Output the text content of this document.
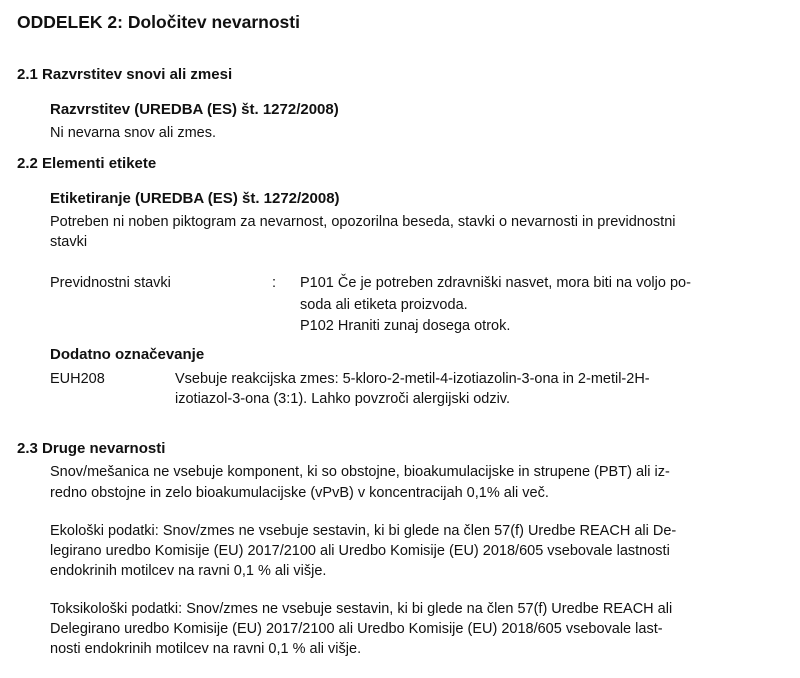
ODDELEK 2: Določitev nevarnosti
2.1 Razvrstitev snovi ali zmesi
Razvrstitev (UREDBA (ES) št. 1272/2008)

Ni nevarna snov ali zmes.

2.2 Elementi etikete
Etiketiranje (UREDBA (ES) št. 1272/2008)

Potreben ni noben piktogram za nevarnost, opozorilna beseda, stavki o nevarnosti in previdnostni

stavki

Previdnostni stavki	: P101 Če je potreben zdravniški nasvet, mora biti na voljo po-

soda ali etiketa proizvoda.

P102 Hraniti zunaj dosega otrok.

Dodatno označevanje

EUH208	Vsebuje reakcijska zmes: 5-kloro-2-metil-4-izotiazolin-3-ona in 2-metil-2H-

izotiazol-3-ona (3:1). Lahko povzroči alergijski odziv.

2.3 Druge nevarnosti

Snov/mešanica ne vsebuje komponent, ki so obstojne, bioakumulacijske in strupene (PBT) ali iz-

redno obstojne in zelo bioakumulacijske (vPvB) v koncentracijah 0,1% ali več.

Ekološki podatki: Snov/zmes ne vsebuje sestavin, ki bi glede na člen 57(f) Uredbe REACH ali De-

legirano uredbo Komisije (EU) 2017/2100 ali Uredbo Komisije (EU) 2018/605 vsebovale lastnosti

endokrinih motilcev na ravni 0,1 % ali višje.

Toksikološki podatki: Snov/zmes ne vsebuje sestavin, ki bi glede na člen 57(f) Uredbe REACH ali

Delegirano uredbo Komisije (EU) 2017/2100 ali Uredbo Komisije (EU) 2018/605 vsebovale last-

nosti endokrinih motilcev na ravni 0,1 % ali višje.
